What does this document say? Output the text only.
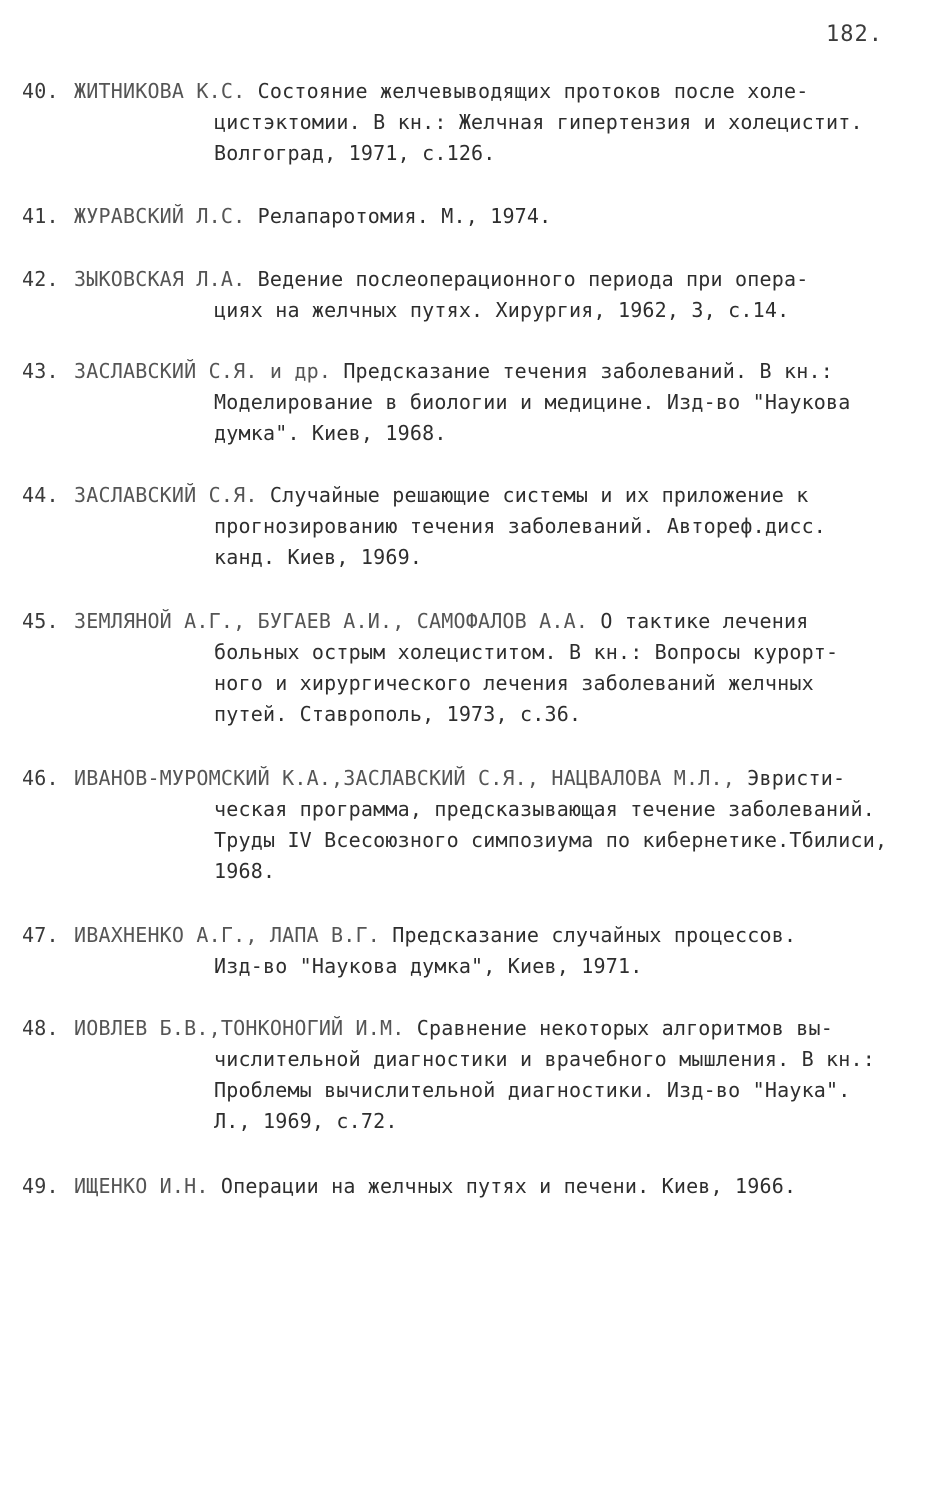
182.
40. ЖИТНИКОВА К.С. Состояние желчевыводящих протоков после холе-
цистэктомии. В кн.: Желчная гипертензия и холецистит.
Волгоград, 1971, с.126.
41. ЖУРАВСКИЙ Л.С. Релапаротомия. М., 1974.
42. ЗЫКОВСКАЯ Л.А. Ведение послеоперационного периода при опера-
циях на желчных путях. Хирургия, 1962, 3, с.14.
43. ЗАСЛАВСКИЙ С.Я. и др. Предсказание течения заболеваний. В кн.:
Моделирование в биологии и медицине. Изд-во "Наукова
думка". Киев, 1968.
44. ЗАСЛАВСКИЙ С.Я. Случайные решающие системы и их приложение к
прогнозированию течения заболеваний. Автореф.дисс.
канд. Киев, 1969.
45. ЗЕМЛЯНОЙ А.Г., БУГАЕВ А.И., САМОФАЛОВ А.А. О тактике лечения
больных острым холециститом. В кн.: Вопросы курорт-
ного и хирургического лечения заболеваний желчных
путей. Ставрополь, 1973, с.36.
46. ИВАНОВ-МУРОМСКИЙ К.А.,ЗАСЛАВСКИЙ С.Я., НАЦВАЛОВА М.Л., Эвристи-
ческая программа, предсказывающая течение заболеваний.
Труды IV Всесоюзного симпозиума по кибернетике.Тбилиси,
1968.
47. ИВАХНЕНКО А.Г., ЛАПА В.Г. Предсказание случайных процессов.
Изд-во "Наукова думка", Киев, 1971.
48. ИОВЛЕВ Б.В.,ТОНКОНОГИЙ И.М. Сравнение некоторых алгоритмов вы-
числительной диагностики и врачебного мышления. В кн.:
Проблемы вычислительной диагностики. Изд-во "Наука".
Л., 1969, с.72.
49. ИЩЕНКО И.Н. Операции на желчных путях и печени. Киев, 1966.
